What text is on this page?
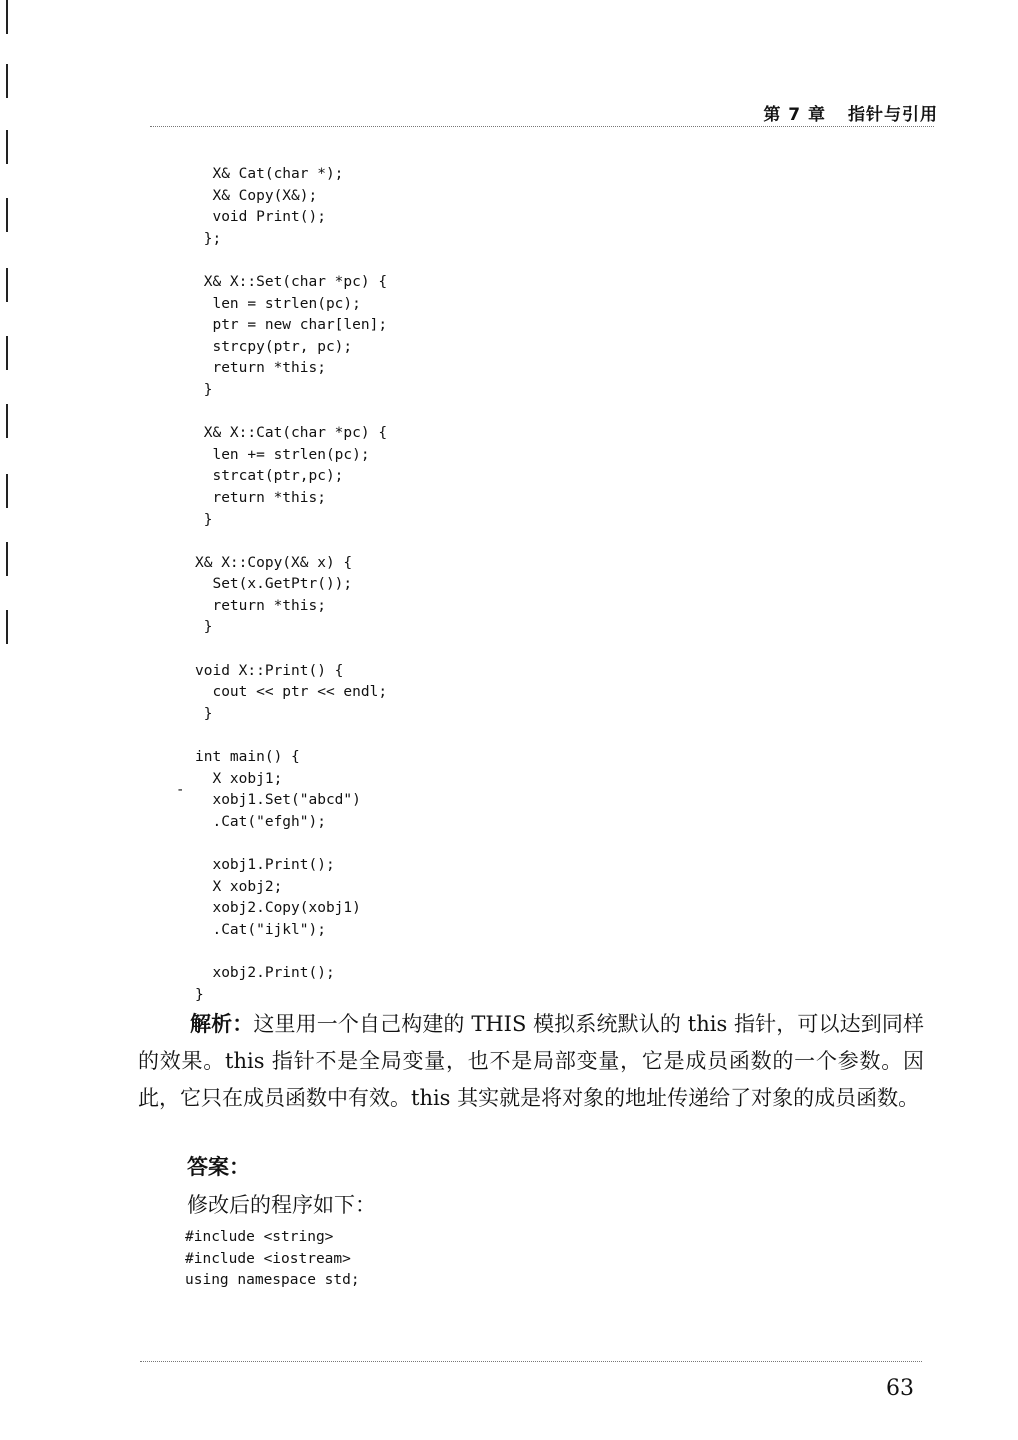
第 7 章 指针与引用
X& Cat(char *);
X& Copy(X&);
void Print();
};

X& X::Set(char *pc) {
len = strlen(pc);
ptr = new char[len];
strcpy(ptr, pc);
return *this;
}

X& X::Cat(char *pc) {
len += strlen(pc);
strcat(ptr,pc);
return *this;
}

X& X::Copy(X& x) {
Set(x.GetPtr());
return *this;
}

void X::Print() {
cout << ptr << endl;
}

int main() {
X xobj1;
xobj1.Set("abcd")
.Cat("efgh");

xobj1.Print();
X xobj2;
xobj2.Copy(xobj1)
.Cat("ijkl");

xobj2.Print();
}
-
解析：这里用一个自己构建的 THIS 模拟系统默认的 this 指针，可以达到同样的效果。this 指针不是全局变量，也不是局部变量，它是成员函数的一个参数。因此，它只在成员函数中有效。this 其实就是将对象的地址传递给了对象的成员函数。
答案：
修改后的程序如下：
#include <string>
#include <iostream>
using namespace std;
63
